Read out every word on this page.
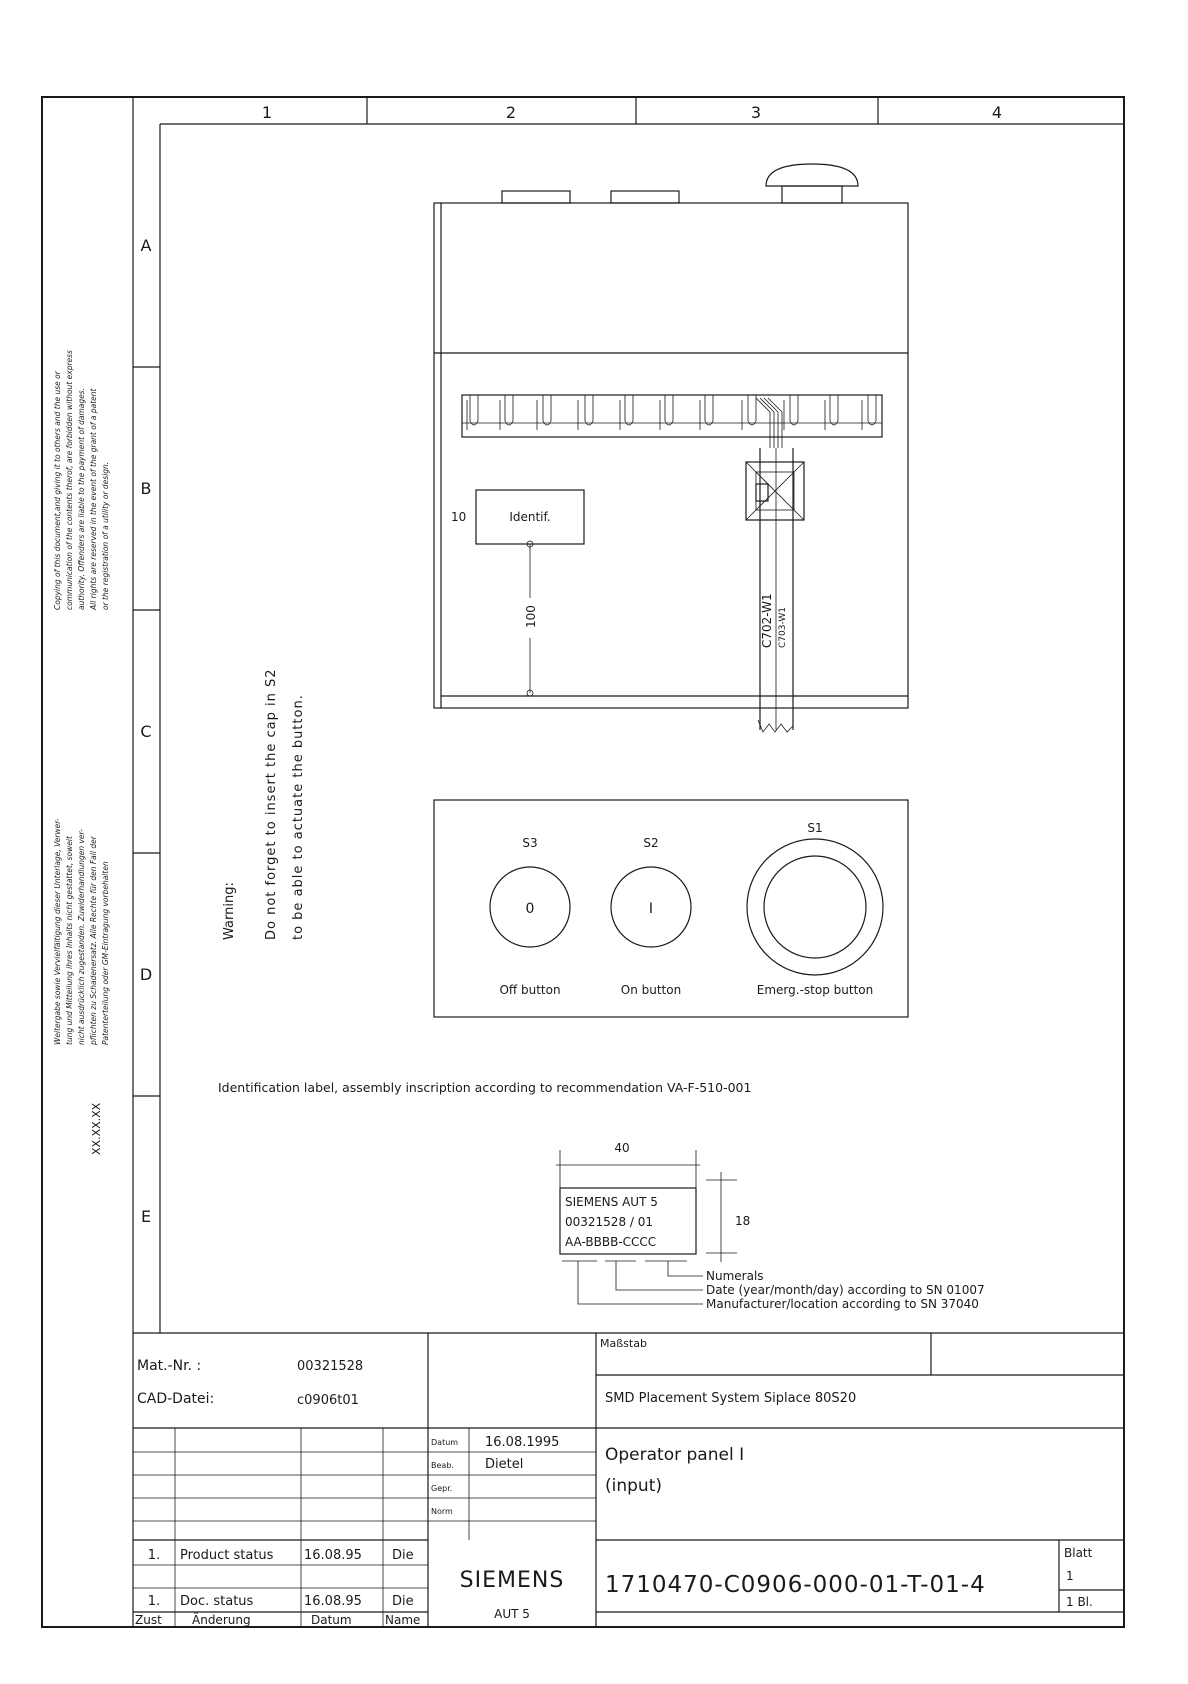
1	2	3	4
A
B
C
D
E
Copying of this document,and giving it to others and the use or communication of the contents therof, are forbidden without express authority. Offenders are liable to the payment of damages. All rights are reserved in the event of the grant of a patent or the registration of a utility or design.
Weitergabe sowie Vervielfältigung dieser Unterlage, Verwer- tung und Mitteilung ihres Inhalts nicht gestattet, soweit nicht ausdrücklich zugestanden. Zuwiderhandlungen ver- pflichten zu Schadenersatz. Alle Rechte für den Fall der Patenterteilung oder GM-Eintragung vorbehalten
XX.XX.XX
C702-W1 C703-W1
Identif.
10
100
Warning: Do not forget to insert the cap in S2 to be able to actuate the button.	S3
0
Off button
S2
I
On button
S1
Emerg.-stop button
Identification label, assembly inscription according to recommendation VA-F-510-001
40
SIEMENS AUT 5
00321528 / 01
AA-BBBB-CCCC
18
Numerals
Date (year/month/day) according to SN 01007
Manufacturer/location according to SN 37040
Mat.-Nr. :	00321528
CAD-Datei:	c0906t01
Maßstab
SMD Placement System Siplace 80S20
Datum 16.08.1995
Beab. Dietel
Gepr.
Norm
Operator panel I
(input)
1. Product status 16.08.95 Die
1. Doc. status	16.08.95 Die
Zust	Änderung	Datum	Name
SIEMENS
AUT 5
1710470-C0906-000-01-T-01-4
Blatt
1
1 Bl.
